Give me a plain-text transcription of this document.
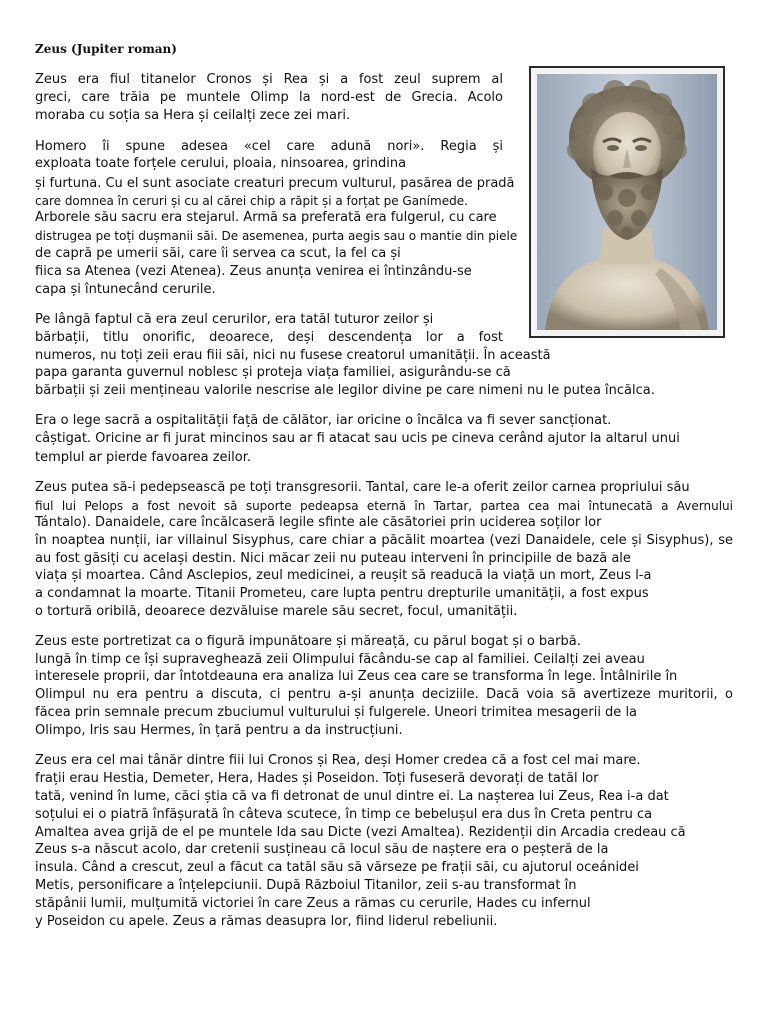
Zeus (Jupiter roman)
Zeus era fiul titanelor Cronos și Rea și a fost zeul suprem al
greci, care trăia pe muntele Olimp la nord-est de Grecia. Acolo
moraba cu soția sa Hera și ceilalți zece zei mari.
Homero îi spune adesea «cel care adună nori». Regia și
exploata toate forțele cerului, ploaia, ninsoarea, grindina
și furtuna. Cu el sunt asociate creaturi precum vulturul, pasărea de pradă
care domnea în ceruri și cu al cărei chip a răpit și a forțat pe Ganímede.
Arborele său sacru era stejarul. Armă sa preferată era fulgerul, cu care
distrugea pe toți dușmanii săi. De asemenea, purta aegis sau o mantie din piele
de capră pe umerii săi, care îi servea ca scut, la fel ca și
fiica sa Atenea (vezi Atenea). Zeus anunța venirea ei întinzându-se
capa și întunecând cerurile.
Pe lângă faptul că era zeul cerurilor, era tatăl tuturor zeilor și
bărbații, titlu onorific, deoarece, deși descendența lor a fost
numeros, nu toți zeii erau fiii săi, nici nu fusese creatorul umanității. În această
papa garanta guvernul noblesc și proteja viața familiei, asigurându-se că
bărbații și zeii mențineau valorile nescrise ale legilor divine pe care nimeni nu le putea încălca.
Era o lege sacră a ospitalității față de călător, iar oricine o încălca va fi sever sancționat.
câștigat. Oricine ar fi jurat mincinos sau ar fi atacat sau ucis pe cineva cerând ajutor la altarul unui
templul ar pierde favoarea zeilor.
Zeus putea să-i pedepsească pe toți transgresorii. Tantal, care le-a oferit zeilor carnea propriului său
fiul lui Pelops a fost nevoit să suporte pedeapsa eternă în Tartar, partea cea mai întunecată a Avernului
Tántalo). Danaidele, care încălcaseră legile sfinte ale căsătoriei prin uciderea soților lor
în noaptea nunții, iar villainul Sisyphus, care chiar a păcălit moartea (vezi Danaidele, cele și Sisyphus), se
au fost găsiți cu același destin. Nici măcar zeii nu puteau interveni în principiile de bază ale
viața și moartea. Când Asclepios, zeul medicinei, a reușit să readucă la viață un mort, Zeus l-a
a condamnat la moarte. Titanii Prometeu, care lupta pentru drepturile umanității, a fost expus
o tortură oribilă, deoarece dezvăluise marele său secret, focul, umanității.
Zeus este portretizat ca o figură impunătoare și măreață, cu părul bogat și o barbă.
lungă în timp ce își supraveghează zeii Olimpului făcându-se cap al familiei. Ceilalți zei aveau
interesele proprii, dar întotdeauna era analiza lui Zeus cea care se transforma în lege. Întâlnirile în
Olimpul nu era pentru a discuta, ci pentru a-și anunța deciziile. Dacă voia să avertizeze muritorii, o
făcea prin semnale precum zbuciumul vulturului și fulgerele. Uneori trimitea mesagerii de la
Olimpo, Iris sau Hermes, în țară pentru a da instrucțiuni.
Zeus era cel mai tânăr dintre fiii lui Cronos și Rea, deși Homer credea că a fost cel mai mare.
frații erau Hestia, Demeter, Hera, Hades și Poseidon. Toți fuseseră devorați de tatăl lor
tată, venind în lume, căci știa că va fi detronat de unul dintre ei. La nașterea lui Zeus, Rea i-a dat
soțului ei o piatră înfășurată în câteva scutece, în timp ce bebelușul era dus în Creta pentru ca
Amaltea avea grijă de el pe muntele Ida sau Dicte (vezi Amaltea). Rezidenții din Arcadia credeau că
Zeus s-a născut acolo, dar cretenii susțineau că locul său de naștere era o peșteră de la
insula. Când a crescut, zeul a făcut ca tatăl său să vărseze pe frații săi, cu ajutorul oceánidei
Metis, personificare a înțelepciunii. După Războiul Titanilor, zeii s-au transformat în
stăpânii lumii, mulțumită victoriei în care Zeus a rămas cu cerurile, Hades cu infernul
y Poseidon cu apele. Zeus a rămas deasupra lor, fiind liderul rebeliunii.
